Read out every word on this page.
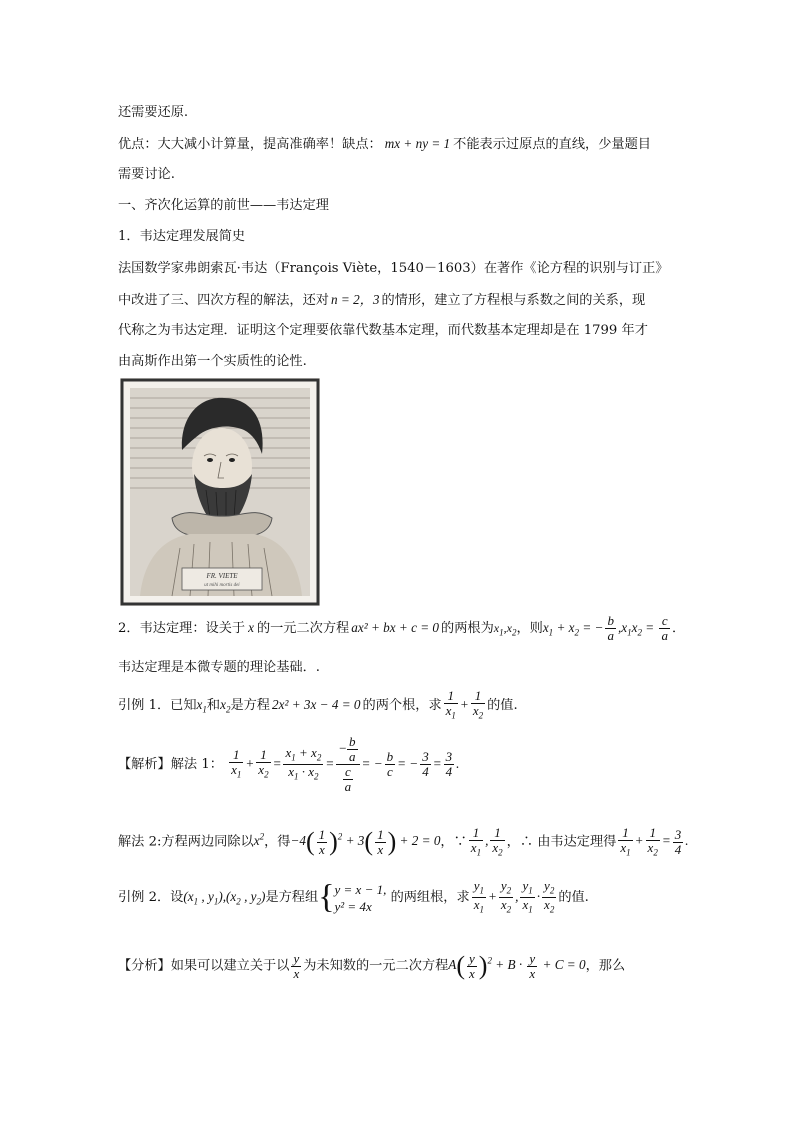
还需要还原.
优点：大大减小计算量，提高准确率！缺点： mx + ny = 1 不能表示过原点的直线，少量题目
需要讨论.
一、齐次化运算的前世——韦达定理
1．韦达定理发展简史
法国数学家弗朗索瓦·韦达（François Viète，1540－1603）在著作《论方程的识别与订正》
中改进了三、四次方程的解法，还对 n = 2，3 的情形，建立了方程根与系数之间的关系，现
代称之为韦达定理．证明这个定理要依靠代数基本定理，而代数基本定理却是在 1799 年才
由高斯作出第一个实质性的论性.
FR. VIETE
ut mihi mortis dei
2．韦达定理：设关于 x 的一元二次方程 ax² + bx + c = 0 的两根为$x_1,x_2$，则$x_1 + x_2$ = − $\frac{b}{a} ,x_1x_2 = \frac{c}{a}$ ．
韦达定理是本微专题的理论基础．.
引例 1．已知$x_1$和$x_2$是方程 2x² + 3x − 4 = 0 的两个根，求 $\frac{1}{x_1} + \frac{1}{x_2}$ 的值.
【解析】解法 1： $\frac{1}{x_1} + \frac{1}{x_2} = \frac{x_1 + x_2}{x_1 \cdot x_2} = \frac{- \frac{b}{a}}{\frac{c}{a}}$ = − $\frac{b}{c}$ = − $\frac{3}{4} = \frac{3}{4}$ .
解法 2:方程两边同除以$x^2$，得$-4( \frac{1}{x} )^2 + 3( \frac{1}{x}$ ) + 2 = 0，∵ $\frac{1}{x_1}$ , $\frac{1}{x_2}$ ，∴ 由韦达定理得 $\frac{1}{x_1} + \frac{1}{x_2} = \frac{3}{4}$ .
引例 2．设($x_1$ , $y_1),(x_2$ , $y_2$)是方程组{ y = x − 1,
y² = 4x
的两组根，求 $\frac{y_1}{x_1} + \frac{y_2}{x_2}$ , $\frac{y_1}{x_1} \cdot \frac{y_2}{x_2}$ 的值.
【分析】如果可以建立关于以 $\frac{y}{x}$ 为未知数的一元二次方程$A( \frac{y}{x} )^2 + B \cdot \frac{y}{x} + C = 0$，那么
